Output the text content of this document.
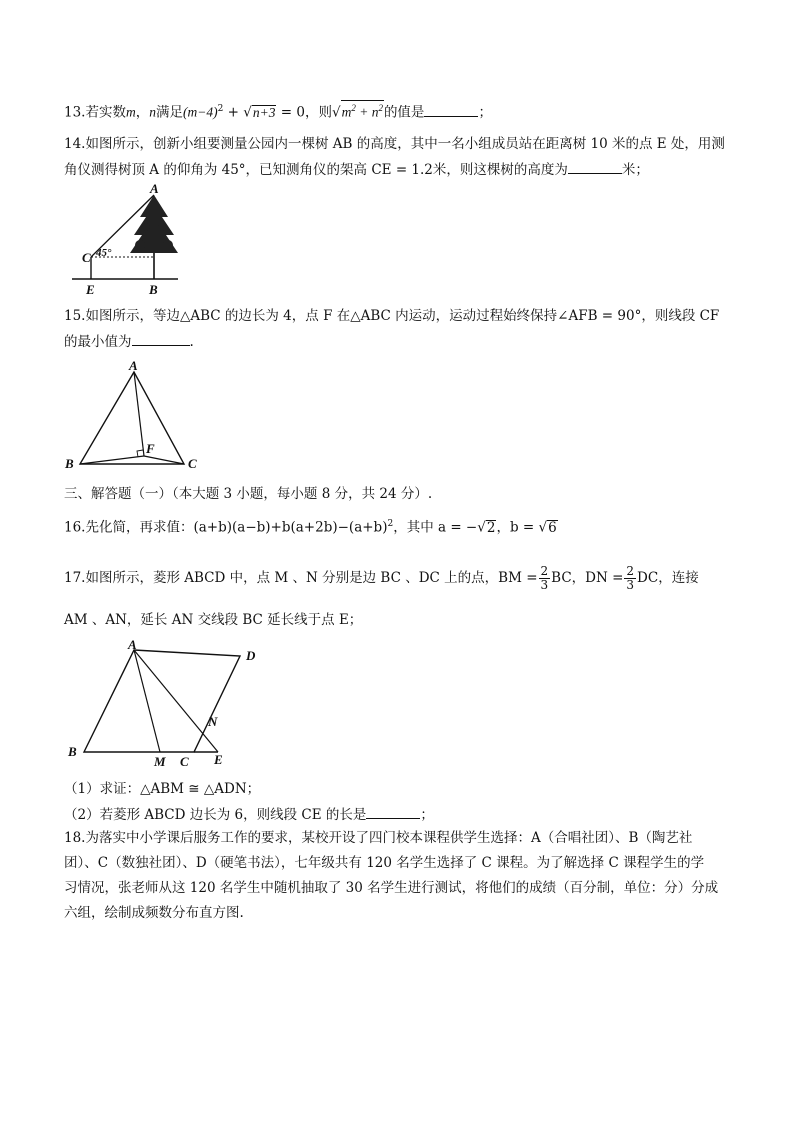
13.若实数m，n满足$(m-4)^2 + √n+3 = 0$，则$√m^2 + n^2$的值是	；
14.如图所示，创新小组要测量公园内一棵树 AB 的高度，其中一名小组成员站在距离树 10 米的点 E 处，用测
角仪测得树顶 A 的仰角为 45°，已知测角仪的架高 CE = 1.2米，则这棵树的高度为	米；
A
C 45°
E	B
15.如图所示，等边△ABC 的边长为 4，点 F 在△ABC 内运动，运动过程始终保持∠AFB = 90°，则线段 CF
的最小值为	.
A
B	C
F
三、解答题（一）（本大题 3 小题，每小题 8 分，共 24 分）.
16.先化简，再求值：$(a+b)(a-b)+b(a+2b)-(a+b)^2$，其中 a = −√2，b = √6
17.如图所示，菱形 ABCD 中，点 M 、N 分别是边 BC 、DC 上的点，BM = $\frac{2}{3}$ BC，DN = $\frac{2}{3}$ DC，连接
AM 、AN，延长 AN 交线段 BC 延长线于点 E；
A
D
B
M C E
N
（1）求证：△ABM ≅ △ADN；
（2）若菱形 ABCD 边长为 6，则线段 CE 的长是	；
18.为落实中小学课后服务工作的要求，某校开设了四门校本课程供学生选择：A（合唱社团）、B（陶艺社
团）、C（数独社团）、D（硬笔书法），七年级共有 120 名学生选择了 C 课程。为了解选择 C 课程学生的学
习情况，张老师从这 120 名学生中随机抽取了 30 名学生进行测试，将他们的成绩（百分制，单位：分）分成
六组，绘制成频数分布直方图.
